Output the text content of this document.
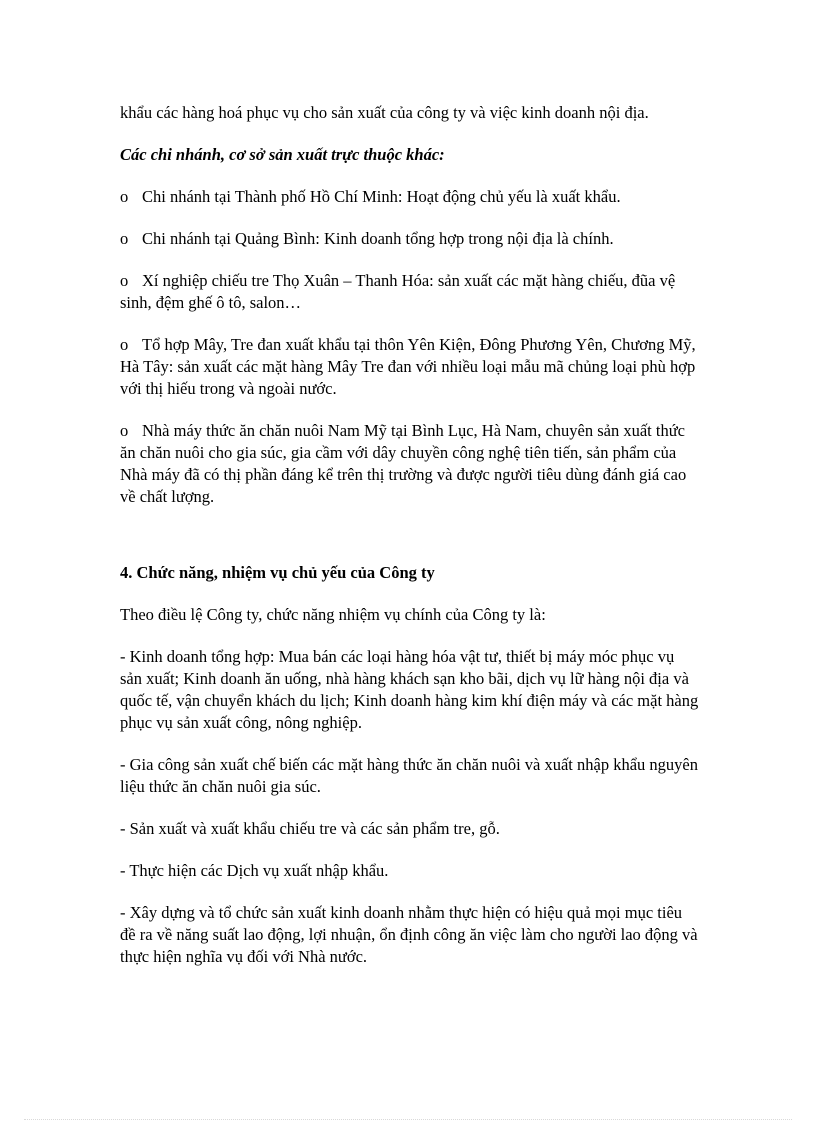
khẩu các hàng hoá phục vụ cho sản xuất của công ty và việc kinh doanh nội địa.

Các chi nhánh, cơ sở sản xuất trực thuộc khác:

o Chi nhánh tại Thành phố Hồ Chí Minh: Hoạt động chủ yếu là xuất khẩu.

o Chi nhánh tại Quảng Bình: Kinh doanh tổng hợp trong nội địa là chính.

o Xí nghiệp chiếu tre Thọ Xuân – Thanh Hóa: sản xuất các mặt hàng chiếu, đũa vệ sinh, đệm ghế ô tô, salon…

o Tổ hợp Mây, Tre đan xuất khẩu tại thôn Yên Kiện, Đông Phương Yên, Chương Mỹ, Hà Tây: sản xuất các mặt hàng Mây Tre đan với nhiều loại mẫu mã chủng loại phù hợp với thị hiếu trong và ngoài nước.

o Nhà máy thức ăn chăn nuôi Nam Mỹ tại Bình Lục, Hà Nam, chuyên sản xuất thức ăn chăn nuôi cho gia súc, gia cầm với dây chuyền công nghệ tiên tiến, sản phẩm của Nhà máy đã có thị phần đáng kể trên thị trường và được người tiêu dùng đánh giá cao về chất lượng.

4. Chức năng, nhiệm vụ chủ yếu của Công ty

Theo điều lệ Công ty, chức năng nhiệm vụ chính của Công ty là:

- Kinh doanh tổng hợp: Mua bán các loại hàng hóa vật tư, thiết bị máy móc phục vụ sản xuất; Kinh doanh ăn uống, nhà hàng khách sạn kho bãi, dịch vụ lữ hàng nội địa và quốc tế, vận chuyển khách du lịch; Kinh doanh hàng kim khí điện máy và các mặt hàng phục vụ sản xuất công, nông nghiệp.

- Gia công sản xuất chế biến các mặt hàng thức ăn chăn nuôi và xuất nhập khẩu nguyên liệu thức ăn chăn nuôi gia súc.

- Sản xuất và xuất khẩu chiếu tre và các sản phẩm tre, gỗ.

- Thực hiện các Dịch vụ xuất nhập khẩu.

- Xây dựng và tổ chức sản xuất kinh doanh nhằm thực hiện có hiệu quả mọi mục tiêu đề ra về năng suất lao động, lợi nhuận, ổn định công ăn việc làm cho người lao động và thực hiện nghĩa vụ đối với Nhà nước.
